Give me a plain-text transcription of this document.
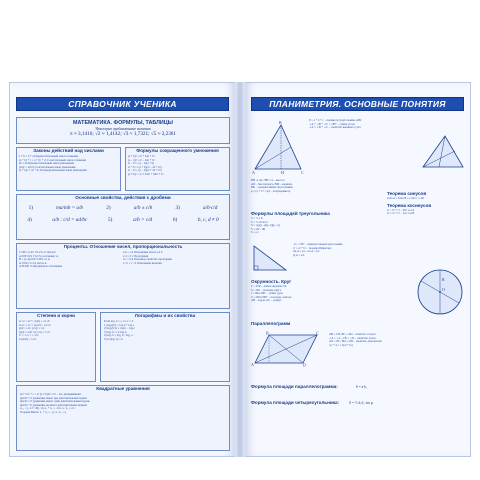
СПРАВОЧНИК УЧЕНИКА
МАТЕМАТИКА. ФОРМУЛЫ, ТАБЛИЦЫ
Некоторые приближенные значения
π ≈ 3,1416; √2 ≈ 1,4142; √3 ≈ 1,7321; √5 ≈ 2,2361
Законы действий над числами
a + b = b + a Переместительный закон сложения
(a + b) + c = a + (b + c) Сочетательный закон сложения
ab = ba Переместительный закон умножения
(ab)c = a(bc) Сочетательный закон умножения
(a + b)c = ac + bc Распределительный закон умножения
Формулы сокращенного умножения
(a + b)² = a² + 2ab + b²
(a − b)² = a² − 2ab + b²
a² − b² = (a − b)(a + b)
a³ + b³ = (a + b)(a² − ab + b²)
a³ − b³ = (a − b)(a² + ab + b²)
(a ± b)³ = a³ ± 3a²b + 3ab² ± b³
Основные свойства, действия с дробями
1)	ma/mb = a/b	2)	a/b ± c/b	3)	a/b·c/d
4)	a/b : c/d = ad/bc	5)	a/b = c/d	6)	b, c, d ≠ 0
Проценты. Отношение чисел, пропорциональность
1:100 = 0,01 1% a% от числа b
A:100·0,01 1% b% составляет A
B = (a·A)/100 % B% от A
A·100/a % a% числа A
A·B/100 % Процентное отношение
a/b = c/d Отношение чисел a и b
a·d = b·c Пропорция
a/c = b/d Основное свойство пропорции
a : b = c : d Отношение величин
Степени и корни
aⁿ·aᵐ = aⁿ⁺ᵐ √(ab) = √a·√b
aⁿ:aᵐ = aⁿ⁻ᵐ √(a/b) = √a/√b
(aⁿ)ᵐ = aⁿᵐ (√a)ⁿ = √aⁿ
(ab)ⁿ = aⁿbⁿ ⁿ√(ᵐ√a) = ⁿᵐ√a
a⁰ = 1, a⁻ⁿ = 1/aⁿ
a^(m/n) = ⁿ√aᵐ
Логарифмы и их свойства
Если logₐ b = c, то aᶜ = b
1) logₐ(bc) = logₐb + logₐc
2) logₐ(b/c) = logₐb − logₐc
3) logₐ bⁿ = n·logₐ b
4) logₐ b = log꜀ b / log꜀ a
5) a^(logₐ b) = b
Квадратные уравнения
ax² + bx + c = 0, (a ≠ 0) D = b² − 4ac дискриминант
при D > 0 уравнение имеет два действительных корня
при D = 0 уравнение имеет один действительный корень
при D < 0 уравнение не имеет действительных корней
x₁,₂ = (−b ± √D) / 2a x₁ + x₂ = −b/a, x₁·x₂ = c/a
Теорема Виета: x₁ + x₂ = −p; x₁·x₂ = q
ПЛАНИМЕТРИЯ. ОСНОВНЫЕ ПОНЯТИЯ
A
B
C
H
P = a + b + c – периметр треугольника ABC
∠A + ∠B + ∠C = 180° – сумма углов
∠A < ∠B + ∠C – свойство внешнего угла
BH ⊥ AC, BH = h – высота
AD – биссектриса, BM – медиана
BK – средняя линия треугольника
p = (a + b + c)/2 – полупериметр
Теорема синусов
a/sin A = b/sin B = c/sin C = 2R
Теорема косинусов
a² = b² + c² − 2bc·cos A
b² = a² + c² − 2ac·cos B
Формулы площадей треугольника
S = ½ a·hₐ
S = ½ ab·sin C
S = √(p(p−a)(p−b)(p−c))
S = abc / 4R
S = p·r
∠C = 90° – прямоугольный треугольник
c² = a² + b² – теорема Пифагора
sin A = a/c, cos A = b/c
tg A = a/b
Окружность. Круг
L = 2πR – длина окружности
S = πR² – площадь круга
l = πRα/180° – длина дуги
S = πR²α/360° – площадь сектора
AB – хорда, OC – радиус
O
R
Параллелограмм
A
B	C
D
AB = CD, BC = AD – свойство сторон
∠A = ∠C, ∠B = ∠D – свойство углов
AO = OC, BO = OD – свойство диагоналей
d₁² + d₂² = 2(a² + b²)
Формула площади параллелограмма:	S = a·hₐ
Формула площади четырехугольника:	S = ½ d₁d₂·sin φ
